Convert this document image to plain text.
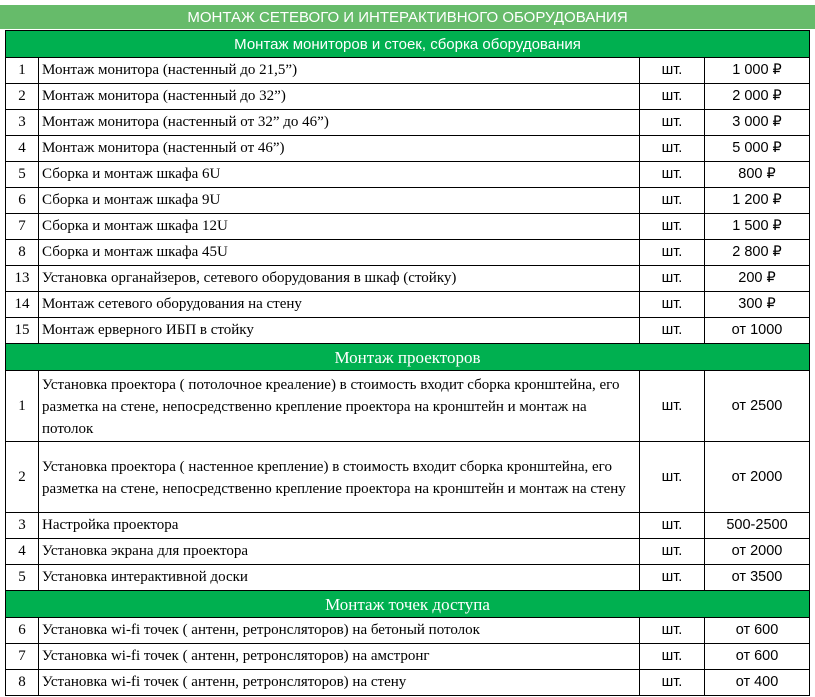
МОНТАЖ СЕТЕВОГО И ИНТЕРАКТИВНОГО ОБОРУДОВАНИЯ
Монтаж мониторов и стоек, сборка оборудования			
1	Монтаж монитора (настенный до 21,5”)	шт.	1 000 ₽
2	Монтаж монитора (настенный до 32”)	шт.	2 000 ₽
3	Монтаж монитора (настенный от 32” до 46”)	шт.	3 000 ₽
4	Монтаж монитора (настенный от 46”)	шт.	5 000 ₽
5	Сборка и монтаж шкафа 6U	шт.	800 ₽
6	Сборка и монтаж шкафа 9U	шт.	1 200 ₽
7	Сборка и монтаж шкафа 12U	шт.	1 500 ₽
8	Сборка и монтаж шкафа 45U	шт.	2 800 ₽
13	Установка органайзеров, сетевого оборудования в шкаф (стойку)	шт.	200 ₽
14	Монтаж сетевого оборудования на стену	шт.	300 ₽
15	Монтаж ерверного ИБП в стойку	шт.	от 1000
Монтаж проекторов			
1	Установка проектора ( потолочное креаление) в стоимость входит сборка кронштейна, его разметка на стене, непосредственно крепление проектора на кронштейн и монтаж на потолок	шт.	от 2500
2	Установка проектора ( настенное крепление) в стоимость входит сборка кронштейна, его разметка на стене, непосредственно крепление проектора на кронштейн и монтаж на стену	шт.	от 2000
3	Настройка проектора	шт.	500-2500
4	Установка экрана для проектора	шт.	от 2000
5	Установка интерактивной доски	шт.	от 3500
Монтаж точек доступа			
6	Установка wi-fi точек ( антенн, ретронсляторов) на бетоный потолок	шт.	от 600
7	Установка wi-fi точек ( антенн, ретронсляторов) на амстронг	шт.	от 600
8	Установка wi-fi точек ( антенн, ретронсляторов) на стену	шт.	от 400
